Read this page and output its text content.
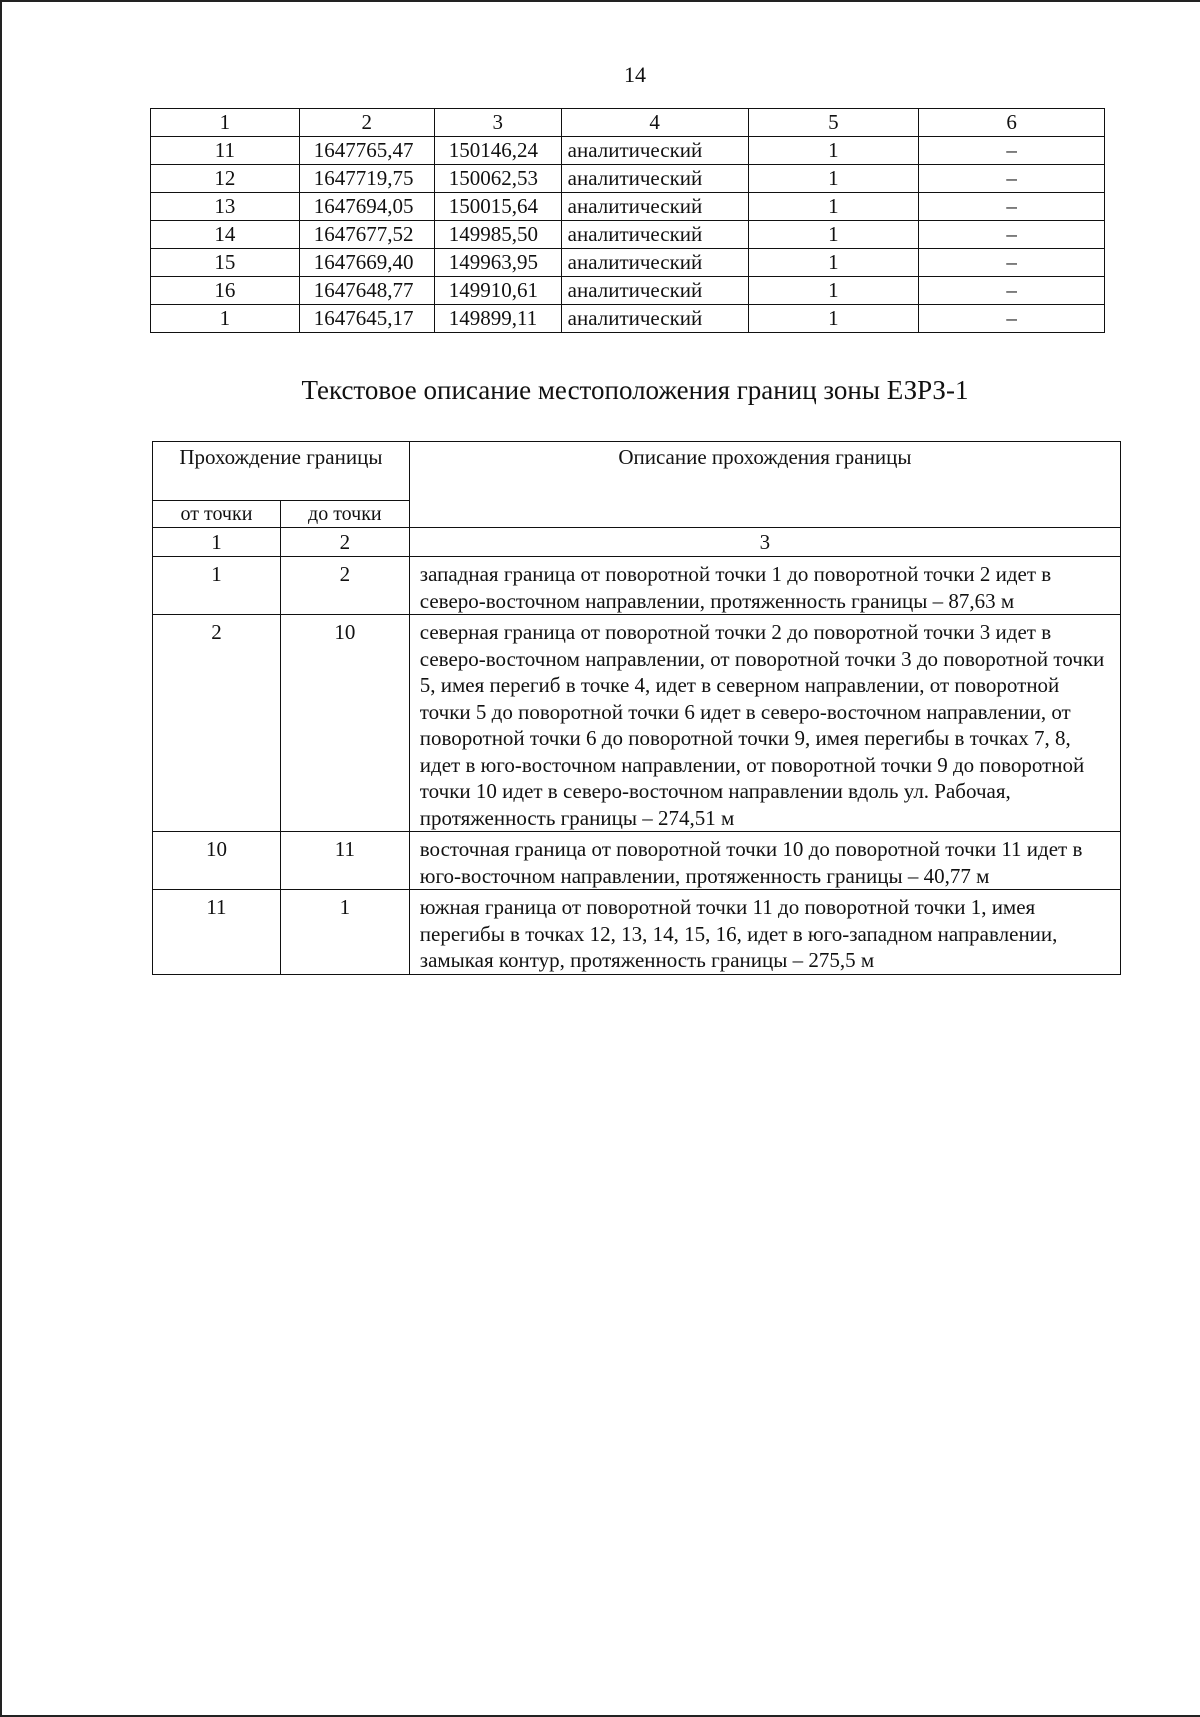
14
1	2	3	4	5	6
11	1647765,47	150146,24	аналитический	1	–
12	1647719,75	150062,53	аналитический	1	–
13	1647694,05	150015,64	аналитический	1	–
14	1647677,52	149985,50	аналитический	1	–
15	1647669,40	149963,95	аналитический	1	–
16	1647648,77	149910,61	аналитический	1	–
1	1647645,17	149899,11	аналитический	1	–
Текстовое описание местоположения границ зоны ЕЗРЗ-1
Прохождение границы		Описание прохождения границы
от точки	до точки	
1	2	3
1	2	западная граница от поворотной точки 1 до поворотной точки 2 идет в северо-восточном направлении, протяженность границы – 87,63 м
2	10	северная граница от поворотной точки 2 до поворотной точки 3 идет в северо-восточном направлении, от поворотной точки 3 до поворотной точки 5, имея перегиб в точке 4, идет в северном направлении, от поворотной точки 5 до поворотной точки 6 идет в северо-восточном направлении, от поворотной точки 6 до поворотной точки 9, имея перегибы в точках 7, 8, идет в юго-восточном направлении, от поворотной точки 9 до поворотной точки 10 идет в северо-восточном направлении вдоль ул. Рабочая, протяженность границы – 274,51 м
10	11	восточная граница от поворотной точки 10 до поворотной точки 11 идет в юго-восточном направлении, протяженность границы – 40,77 м
11	1	южная граница от поворотной точки 11 до поворотной точки 1, имея перегибы в точках 12, 13, 14, 15, 16, идет в юго-западном направлении, замыкая контур, протяженность границы – 275,5 м
